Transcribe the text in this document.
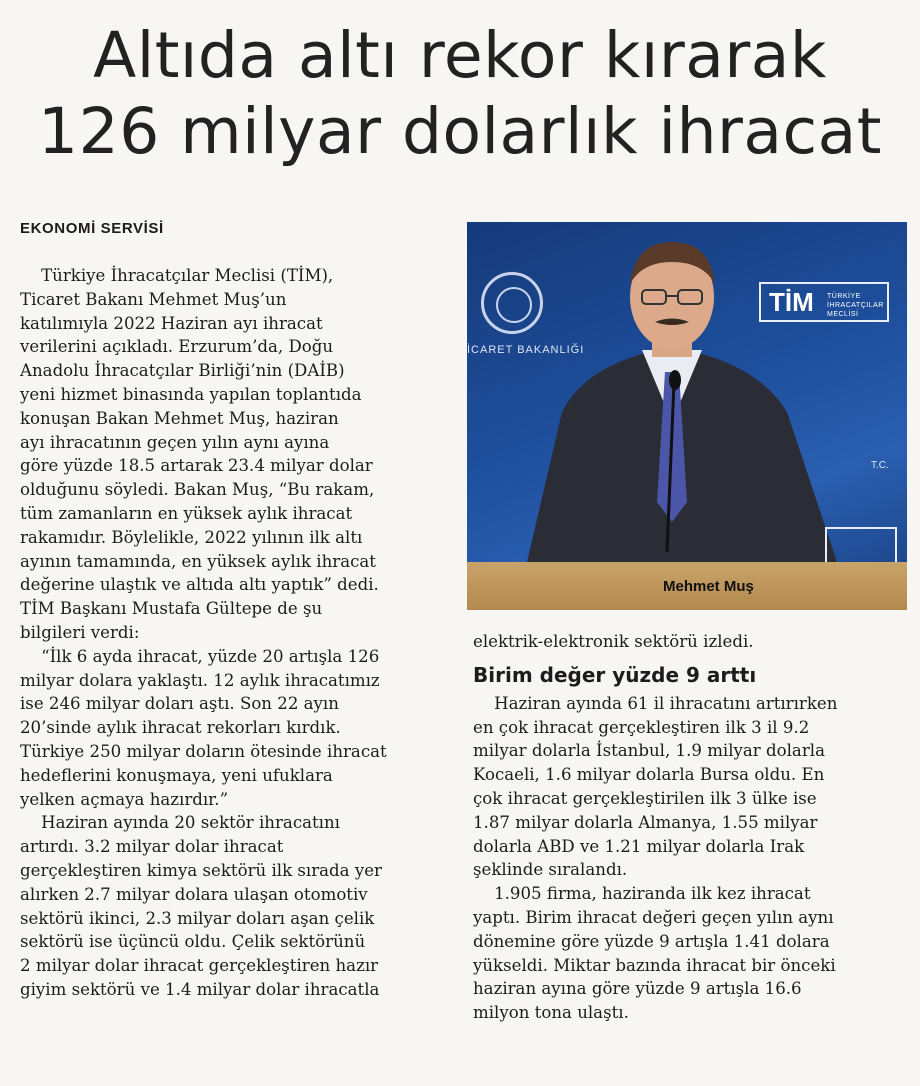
Altıda altı rekor kırarak
126 milyar dolarlık ihracat
EKONOMİ SERVİSİ
İCARET BAKANLIĞI
TİM TÜRKİYE İHRACATÇILAR MECLİSİ
T.C.
Mehmet Muş

Türkiye İhracatçılar Meclisi (TİM),

Ticaret Bakanı Mehmet Muş’un

katılımıyla 2022 Haziran ayı ihracat

verilerini açıkladı. Erzurum’da, Doğu

Anadolu İhracatçılar Birliği’nin (DAİB)

yeni hizmet binasında yapılan toplantıda

konuşan Bakan Mehmet Muş, haziran

ayı ihracatının geçen yılın aynı ayına

göre yüzde 18.5 artarak 23.4 milyar dolar

olduğunu söyledi. Bakan Muş, “Bu rakam,

tüm zamanların en yüksek aylık ihracat

rakamıdır. Böylelikle, 2022 yılının ilk altı

ayının tamamında, en yüksek aylık ihracat

değerine ulaştık ve altıda altı yaptık” dedi.

TİM Başkanı Mustafa Gültepe de şu

bilgileri verdi:

“İlk 6 ayda ihracat, yüzde 20 artışla 126

milyar dolara yaklaştı. 12 aylık ihracatımız

ise 246 milyar doları aştı. Son 22 ayın

20’sinde aylık ihracat rekorları kırdık.

Türkiye 250 milyar doların ötesinde ihracat

hedeflerini konuşmaya, yeni ufuklara

yelken açmaya hazırdır.”

Haziran ayında 20 sektör ihracatını

artırdı. 3.2 milyar dolar ihracat

gerçekleştiren kimya sektörü ilk sırada yer

alırken 2.7 milyar dolara ulaşan otomotiv

sektörü ikinci, 2.3 milyar doları aşan çelik

sektörü ise üçüncü oldu. Çelik sektörünü

2 milyar dolar ihracat gerçekleştiren hazır

giyim sektörü ve 1.4 milyar dolar ihracatla

elektrik-elektronik sektörü izledi.

Birim değer yüzde 9 arttı

Haziran ayında 61 il ihracatını artırırken

en çok ihracat gerçekleştiren ilk 3 il 9.2

milyar dolarla İstanbul, 1.9 milyar dolarla

Kocaeli, 1.6 milyar dolarla Bursa oldu. En

çok ihracat gerçekleştirilen ilk 3 ülke ise

1.87 milyar dolarla Almanya, 1.55 milyar

dolarla ABD ve 1.21 milyar dolarla Irak

şeklinde sıralandı.

1.905 firma, haziranda ilk kez ihracat

yaptı. Birim ihracat değeri geçen yılın aynı

dönemine göre yüzde 9 artışla 1.41 dolara

yükseldi. Miktar bazında ihracat bir önceki

haziran ayına göre yüzde 9 artışla 16.6

milyon tona ulaştı.
